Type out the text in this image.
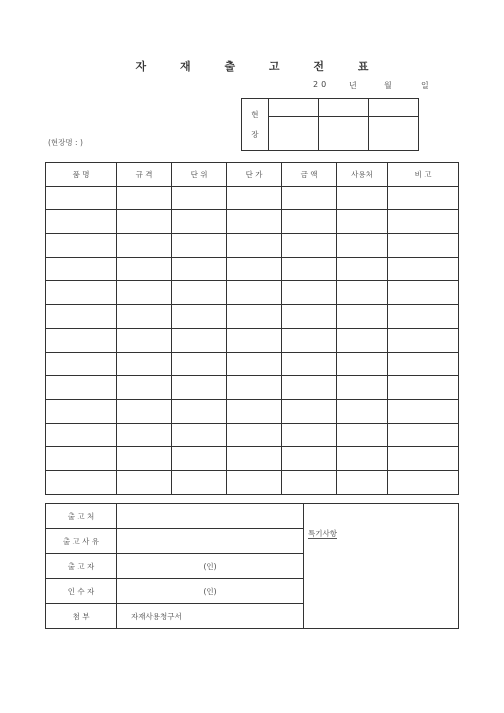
자 재 출 고 전 표
20 년	월	일
현
장			

(현장명 : )
품 명	규 격	단 위	단 가	금 액	사용처	비 고

출 고 처		특기사항
출 고 사 유		
출 고 자	(인)	
인 수 자	(인)	
첨 부	자재사용청구서	
